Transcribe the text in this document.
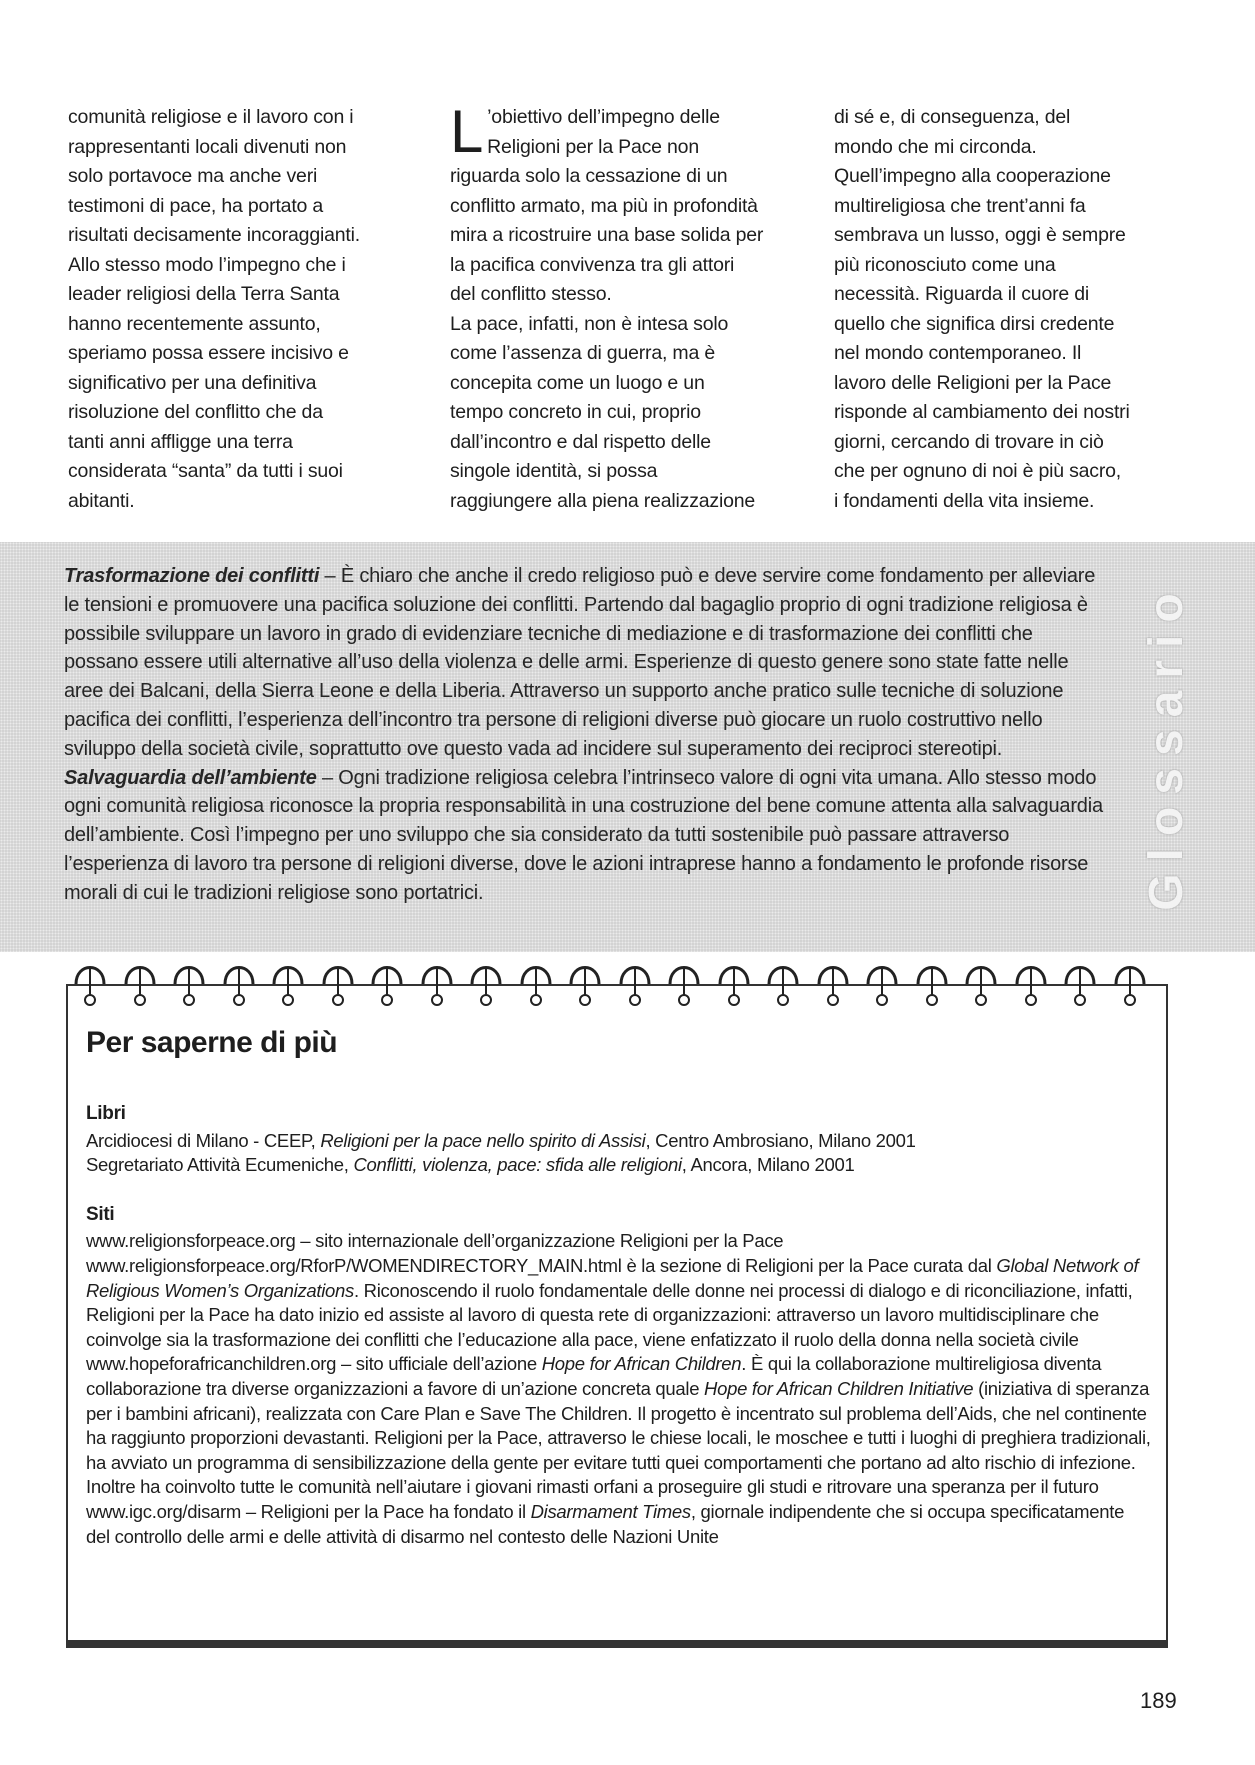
comunità religiose e il lavoro con i

rappresentanti locali divenuti non

solo portavoce ma anche veri

testimoni di pace, ha portato a

risultati decisamente incoraggianti.

Allo stesso modo l’impegno che i

leader religiosi della Terra Santa

hanno recentemente assunto,

speriamo possa essere incisivo e

significativo per una definitiva

risoluzione del conflitto che da

tanti anni affligge una terra

considerata “santa” da tutti i suoi

abitanti.

L ’obiettivo dell’impegno delle

Religioni per la Pace non

riguarda solo la cessazione di un

conflitto armato, ma più in profondità

mira a ricostruire una base solida per

la pacifica convivenza tra gli attori

del conflitto stesso.

La pace, infatti, non è intesa solo

come l’assenza di guerra, ma è

concepita come un luogo e un

tempo concreto in cui, proprio

dall’incontro e dal rispetto delle

singole identità, si possa

raggiungere alla piena realizzazione

di sé e, di conseguenza, del

mondo che mi circonda.

Quell’impegno alla cooperazione

multireligiosa che trent’anni fa

sembrava un lusso, oggi è sempre

più riconosciuto come una

necessità. Riguarda il cuore di

quello che significa dirsi credente

nel mondo contemporaneo. Il

lavoro delle Religioni per la Pace

risponde al cambiamento dei nostri

giorni, cercando di trovare in ciò

che per ognuno di noi è più sacro,

i fondamenti della vita insieme.

Trasformazione dei conflitti – È chiaro che anche il credo religioso può e deve servire come fondamento per alleviare le tensioni e promuovere una pacifica soluzione dei conflitti. Partendo dal bagaglio proprio di ogni tradizione religiosa è possibile sviluppare un lavoro in grado di evidenziare tecniche di mediazione e di trasformazione dei conflitti che possano essere utili alternative all’uso della violenza e delle armi. Esperienze di questo genere sono state fatte nelle aree dei Balcani, della Sierra Leone e della Liberia. Attraverso un supporto anche pratico sulle tecniche di soluzione pacifica dei conflitti, l’esperienza dell’incontro tra persone di religioni diverse può giocare un ruolo costruttivo nello sviluppo della società civile, soprattutto ove questo vada ad incidere sul superamento dei reciproci stereotipi.

Salvaguardia dell’ambiente – Ogni tradizione religiosa celebra l’intrinseco valore di ogni vita umana. Allo stesso modo ogni comunità religiosa riconosce la propria responsabilità in una costruzione del bene comune attenta alla salvaguardia dell’ambiente. Così l’impegno per uno sviluppo che sia considerato da tutti sostenibile può passare attraverso l’esperienza di lavoro tra persone di religioni diverse, dove le azioni intraprese hanno a fondamento le profonde risorse morali di cui le tradizioni religiose sono portatrici.	Glossario
Per saperne di più

Libri

Arcidiocesi di Milano - CEEP, Religioni per la pace nello spirito di Assisi, Centro Ambrosiano, Milano 2001

Segretariato Attività Ecumeniche, Conflitti, violenza, pace: sfida alle religioni, Ancora, Milano 2001

Siti

www.religionsforpeace.org – sito internazionale dell’organizzazione Religioni per la Pace

www.religionsforpeace.org/RforP/WOMENDIRECTORY_MAIN.html è la sezione di Religioni per la Pace curata dal Global Network of Religious Women’s Organizations. Riconoscendo il ruolo fondamentale delle donne nei processi di dialogo e di riconciliazione, infatti, Religioni per la Pace ha dato inizio ed assiste al lavoro di questa rete di organizzazioni: attraverso un lavoro multidisciplinare che coinvolge sia la trasformazione dei conflitti che l’educazione alla pace, viene enfatizzato il ruolo della donna nella società civile

www.hopeforafricanchildren.org – sito ufficiale dell’azione Hope for African Children. È qui la collaborazione multireligiosa diventa collaborazione tra diverse organizzazioni a favore di un’azione concreta quale Hope for African Children Initiative (iniziativa di speranza per i bambini africani), realizzata con Care Plan e Save The Children. Il progetto è incentrato sul problema dell’Aids, che nel continente ha raggiunto proporzioni devastanti. Religioni per la Pace, attraverso le chiese locali, le moschee e tutti i luoghi di preghiera tradizionali, ha avviato un programma di sensibilizzazione della gente per evitare tutti quei comportamenti che portano ad alto rischio di infezione. Inoltre ha coinvolto tutte le comunità nell’aiutare i giovani rimasti orfani a proseguire gli studi e ritrovare una speranza per il futuro

www.igc.org/disarm – Religioni per la Pace ha fondato il Disarmament Times, giornale indipendente che si occupa specificatamente del controllo delle armi e delle attività di disarmo nel contesto delle Nazioni Unite

189
